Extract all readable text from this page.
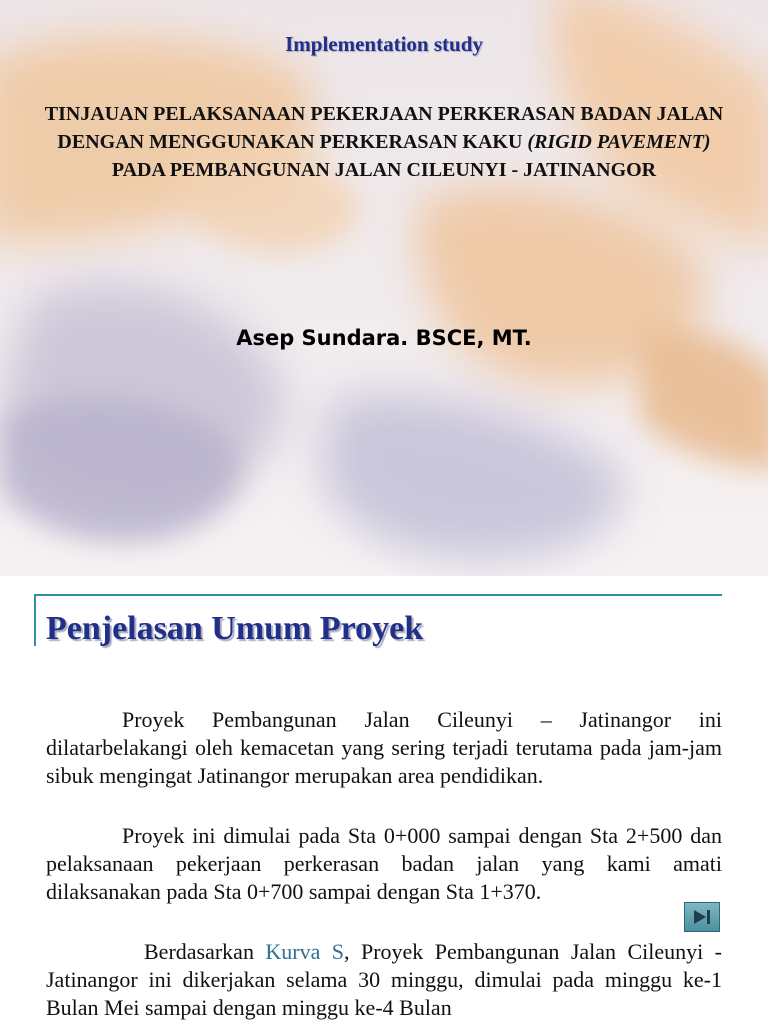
Implementation study
TINJAUAN PELAKSANAAN PEKERJAAN PERKERASAN BADAN JALAN DENGAN MENGGUNAKAN PERKERASAN KAKU (RIGID PAVEMENT) PADA PEMBANGUNAN JALAN CILEUNYI - JATINANGOR
Asep Sundara. BSCE, MT.
Penjelasan Umum Proyek

Proyek Pembangunan Jalan Cileunyi – Jatinangor ini dilatarbelakangi oleh kemacetan yang sering terjadi terutama pada jam-jam sibuk mengingat Jatinangor merupakan area pendidikan.

Proyek ini dimulai pada Sta 0+000 sampai dengan Sta 2+500 dan pelaksanaan pekerjaan perkerasan badan jalan yang kami amati dilaksanakan pada Sta 0+700 sampai dengan Sta 1+370.

Berdasarkan Kurva S, Proyek Pembangunan Jalan Cileunyi - Jatinangor ini dikerjakan selama 30 minggu, dimulai pada minggu ke-1 Bulan Mei sampai dengan minggu ke-4 Bulan
